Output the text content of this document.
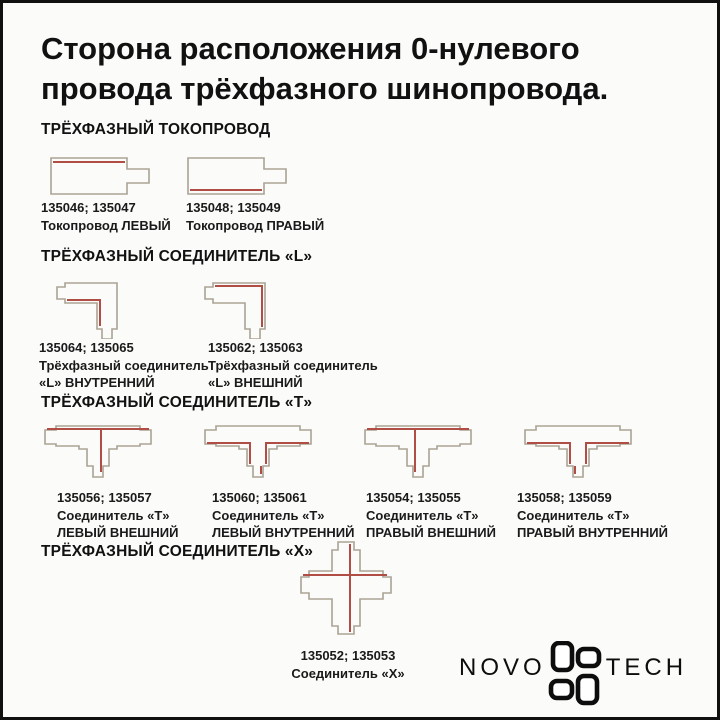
Сторона расположения 0-нулевого
провода трёхфазного шинопровода.
ТРЁХФАЗНЫЙ ТОКОПРОВОД
135046; 135047
Токопровод ЛЕВЫЙ
135048; 135049
Токопровод ПРАВЫЙ
ТРЁХФАЗНЫЙ СОЕДИНИТЕЛЬ «L»
135064; 135065
Трёхфазный соединитель
«L» ВНУТРЕННИЙ
135062; 135063
Трёхфазный соединитель
«L» ВНЕШНИЙ
ТРЁХФАЗНЫЙ СОЕДИНИТЕЛЬ «Т»
135056; 135057
Соединитель «Т»
ЛЕВЫЙ ВНЕШНИЙ
135060; 135061
Соединитель «Т»
ЛЕВЫЙ ВНУТРЕННИЙ
135054; 135055
Соединитель «Т»
ПРАВЫЙ ВНЕШНИЙ
135058; 135059
Соединитель «Т»
ПРАВЫЙ ВНУТРЕННИЙ
ТРЁХФАЗНЫЙ СОЕДИНИТЕЛЬ «Х»
135052; 135053
Соединитель «Х»	NOVO	TECH
